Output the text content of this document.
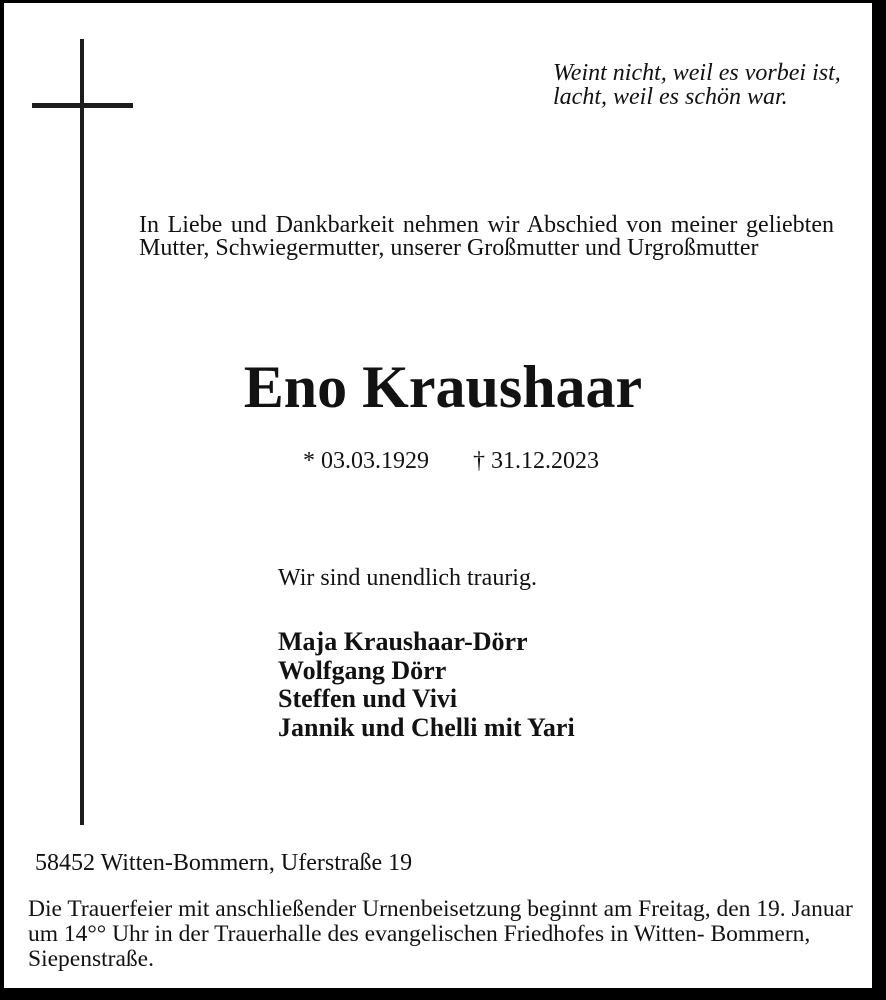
Weint nicht, weil es vorbei ist,
lacht, weil es schön war.
In Liebe und Dankbarkeit nehmen wir Abschied von meiner geliebten
Mutter, Schwiegermutter, unserer Großmutter und Urgroßmutter
Eno Kraushaar
* 03.03.1929 † 31.12.2023
Wir sind unendlich traurig.
Maja Kraushaar-Dörr
Wolfgang Dörr
Steffen und Vivi
Jannik und Chelli mit Yari
58452 Witten-Bommern, Uferstraße 19
Die Trauerfeier mit anschließender Urnenbeisetzung beginnt am Freitag, den 19. Januar
um 14°° Uhr in der Trauerhalle des evangelischen Friedhofes in Witten- Bommern,
Siepenstraße.
